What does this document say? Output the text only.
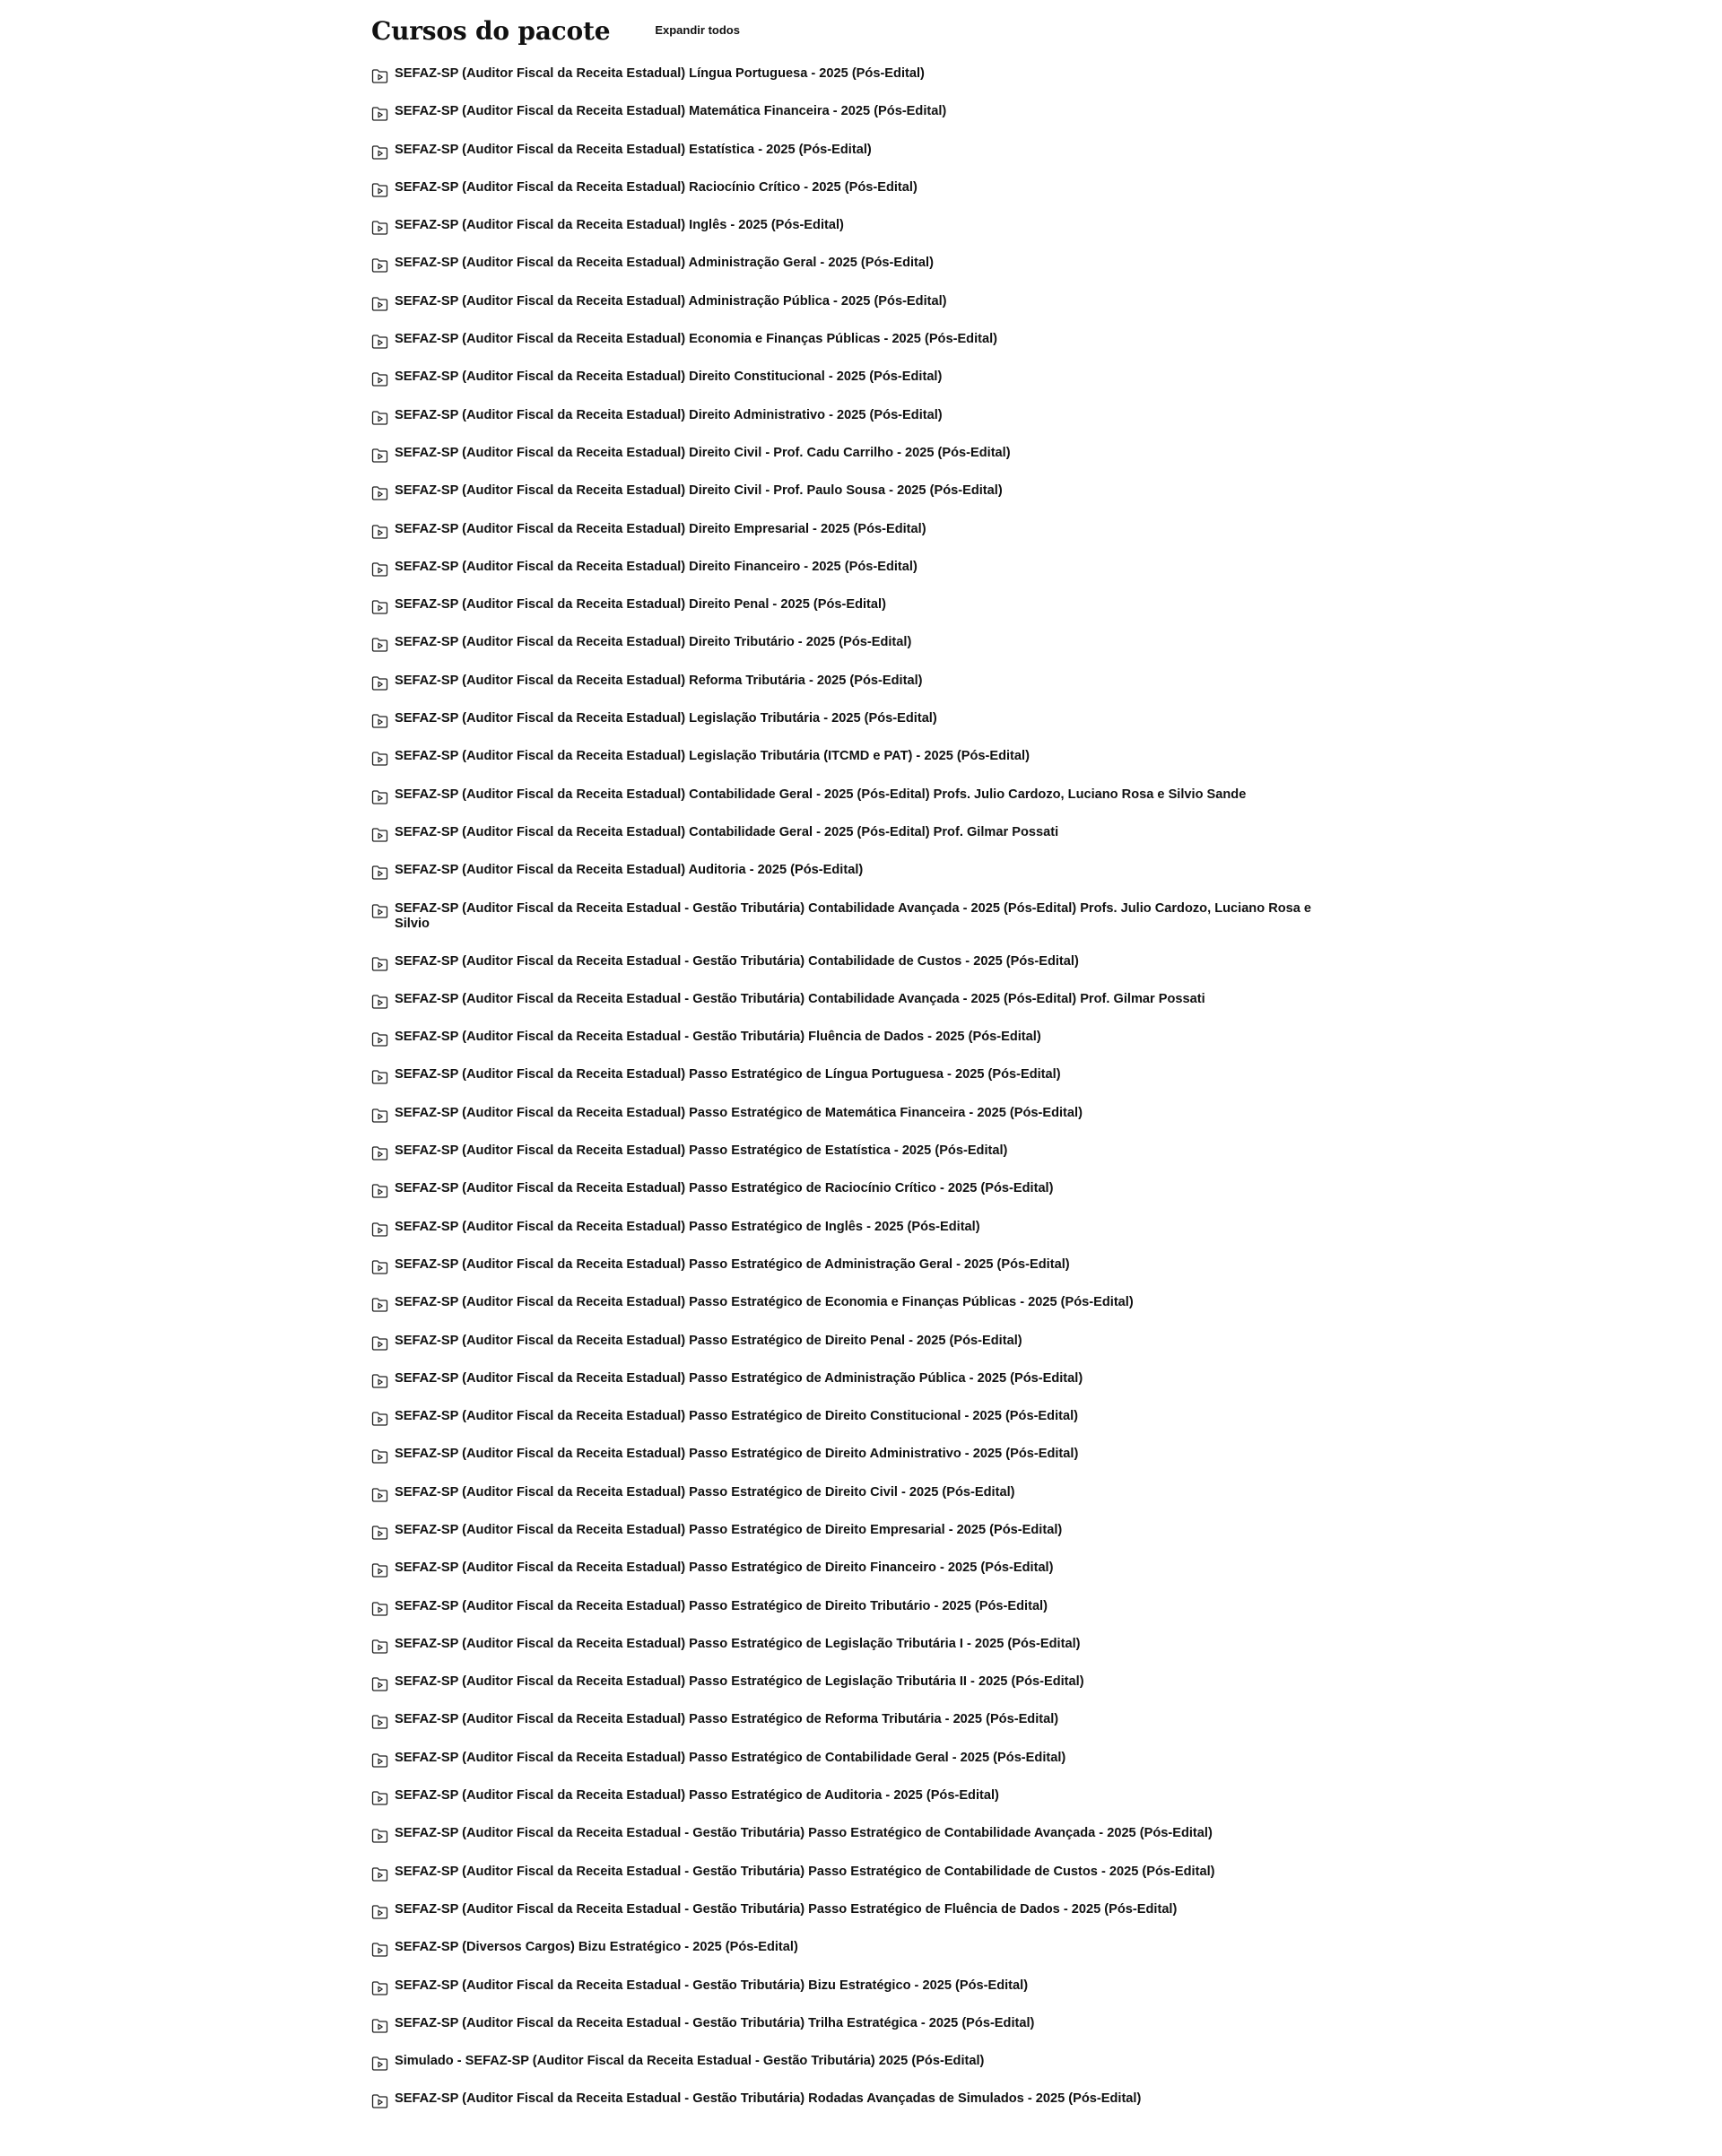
Cursos do pacote	Expandir todos
SEFAZ-SP (Auditor Fiscal da Receita Estadual) Língua Portuguesa - 2025 (Pós-Edital)
SEFAZ-SP (Auditor Fiscal da Receita Estadual) Matemática Financeira - 2025 (Pós-Edital)
SEFAZ-SP (Auditor Fiscal da Receita Estadual) Estatística - 2025 (Pós-Edital)
SEFAZ-SP (Auditor Fiscal da Receita Estadual) Raciocínio Crítico - 2025 (Pós-Edital)
SEFAZ-SP (Auditor Fiscal da Receita Estadual) Inglês - 2025 (Pós-Edital)
SEFAZ-SP (Auditor Fiscal da Receita Estadual) Administração Geral - 2025 (Pós-Edital)
SEFAZ-SP (Auditor Fiscal da Receita Estadual) Administração Pública - 2025 (Pós-Edital)
SEFAZ-SP (Auditor Fiscal da Receita Estadual) Economia e Finanças Públicas - 2025 (Pós-Edital)
SEFAZ-SP (Auditor Fiscal da Receita Estadual) Direito Constitucional - 2025 (Pós-Edital)
SEFAZ-SP (Auditor Fiscal da Receita Estadual) Direito Administrativo - 2025 (Pós-Edital)
SEFAZ-SP (Auditor Fiscal da Receita Estadual) Direito Civil - Prof. Cadu Carrilho - 2025 (Pós-Edital)
SEFAZ-SP (Auditor Fiscal da Receita Estadual) Direito Civil - Prof. Paulo Sousa - 2025 (Pós-Edital)
SEFAZ-SP (Auditor Fiscal da Receita Estadual) Direito Empresarial - 2025 (Pós-Edital)
SEFAZ-SP (Auditor Fiscal da Receita Estadual) Direito Financeiro - 2025 (Pós-Edital)
SEFAZ-SP (Auditor Fiscal da Receita Estadual) Direito Penal - 2025 (Pós-Edital)
SEFAZ-SP (Auditor Fiscal da Receita Estadual) Direito Tributário - 2025 (Pós-Edital)
SEFAZ-SP (Auditor Fiscal da Receita Estadual) Reforma Tributária - 2025 (Pós-Edital)
SEFAZ-SP (Auditor Fiscal da Receita Estadual) Legislação Tributária - 2025 (Pós-Edital)
SEFAZ-SP (Auditor Fiscal da Receita Estadual) Legislação Tributária (ITCMD e PAT) - 2025 (Pós-Edital)
SEFAZ-SP (Auditor Fiscal da Receita Estadual) Contabilidade Geral - 2025 (Pós-Edital) Profs. Julio Cardozo, Luciano Rosa e Silvio Sande
SEFAZ-SP (Auditor Fiscal da Receita Estadual) Contabilidade Geral - 2025 (Pós-Edital) Prof. Gilmar Possati
SEFAZ-SP (Auditor Fiscal da Receita Estadual) Auditoria - 2025 (Pós-Edital)
SEFAZ-SP (Auditor Fiscal da Receita Estadual - Gestão Tributária) Contabilidade Avançada - 2025 (Pós-Edital) Profs. Julio Cardozo, Luciano Rosa e Silvio
SEFAZ-SP (Auditor Fiscal da Receita Estadual - Gestão Tributária) Contabilidade de Custos - 2025 (Pós-Edital)
SEFAZ-SP (Auditor Fiscal da Receita Estadual - Gestão Tributária) Contabilidade Avançada - 2025 (Pós-Edital) Prof. Gilmar Possati
SEFAZ-SP (Auditor Fiscal da Receita Estadual - Gestão Tributária) Fluência de Dados - 2025 (Pós-Edital)
SEFAZ-SP (Auditor Fiscal da Receita Estadual) Passo Estratégico de Língua Portuguesa - 2025 (Pós-Edital)
SEFAZ-SP (Auditor Fiscal da Receita Estadual) Passo Estratégico de Matemática Financeira - 2025 (Pós-Edital)
SEFAZ-SP (Auditor Fiscal da Receita Estadual) Passo Estratégico de Estatística - 2025 (Pós-Edital)
SEFAZ-SP (Auditor Fiscal da Receita Estadual) Passo Estratégico de Raciocínio Crítico - 2025 (Pós-Edital)
SEFAZ-SP (Auditor Fiscal da Receita Estadual) Passo Estratégico de Inglês - 2025 (Pós-Edital)
SEFAZ-SP (Auditor Fiscal da Receita Estadual) Passo Estratégico de Administração Geral - 2025 (Pós-Edital)
SEFAZ-SP (Auditor Fiscal da Receita Estadual) Passo Estratégico de Economia e Finanças Públicas - 2025 (Pós-Edital)
SEFAZ-SP (Auditor Fiscal da Receita Estadual) Passo Estratégico de Direito Penal - 2025 (Pós-Edital)
SEFAZ-SP (Auditor Fiscal da Receita Estadual) Passo Estratégico de Administração Pública - 2025 (Pós-Edital)
SEFAZ-SP (Auditor Fiscal da Receita Estadual) Passo Estratégico de Direito Constitucional - 2025 (Pós-Edital)
SEFAZ-SP (Auditor Fiscal da Receita Estadual) Passo Estratégico de Direito Administrativo - 2025 (Pós-Edital)
SEFAZ-SP (Auditor Fiscal da Receita Estadual) Passo Estratégico de Direito Civil - 2025 (Pós-Edital)
SEFAZ-SP (Auditor Fiscal da Receita Estadual) Passo Estratégico de Direito Empresarial - 2025 (Pós-Edital)
SEFAZ-SP (Auditor Fiscal da Receita Estadual) Passo Estratégico de Direito Financeiro - 2025 (Pós-Edital)
SEFAZ-SP (Auditor Fiscal da Receita Estadual) Passo Estratégico de Direito Tributário - 2025 (Pós-Edital)
SEFAZ-SP (Auditor Fiscal da Receita Estadual) Passo Estratégico de Legislação Tributária I - 2025 (Pós-Edital)
SEFAZ-SP (Auditor Fiscal da Receita Estadual) Passo Estratégico de Legislação Tributária II - 2025 (Pós-Edital)
SEFAZ-SP (Auditor Fiscal da Receita Estadual) Passo Estratégico de Reforma Tributária - 2025 (Pós-Edital)
SEFAZ-SP (Auditor Fiscal da Receita Estadual) Passo Estratégico de Contabilidade Geral - 2025 (Pós-Edital)
SEFAZ-SP (Auditor Fiscal da Receita Estadual) Passo Estratégico de Auditoria - 2025 (Pós-Edital)
SEFAZ-SP (Auditor Fiscal da Receita Estadual - Gestão Tributária) Passo Estratégico de Contabilidade Avançada - 2025 (Pós-Edital)
SEFAZ-SP (Auditor Fiscal da Receita Estadual - Gestão Tributária) Passo Estratégico de Contabilidade de Custos - 2025 (Pós-Edital)
SEFAZ-SP (Auditor Fiscal da Receita Estadual - Gestão Tributária) Passo Estratégico de Fluência de Dados - 2025 (Pós-Edital)
SEFAZ-SP (Diversos Cargos) Bizu Estratégico - 2025 (Pós-Edital)
SEFAZ-SP (Auditor Fiscal da Receita Estadual - Gestão Tributária) Bizu Estratégico - 2025 (Pós-Edital)
SEFAZ-SP (Auditor Fiscal da Receita Estadual - Gestão Tributária) Trilha Estratégica - 2025 (Pós-Edital)
Simulado - SEFAZ-SP (Auditor Fiscal da Receita Estadual - Gestão Tributária) 2025 (Pós-Edital)
SEFAZ-SP (Auditor Fiscal da Receita Estadual - Gestão Tributária) Rodadas Avançadas de Simulados - 2025 (Pós-Edital)
